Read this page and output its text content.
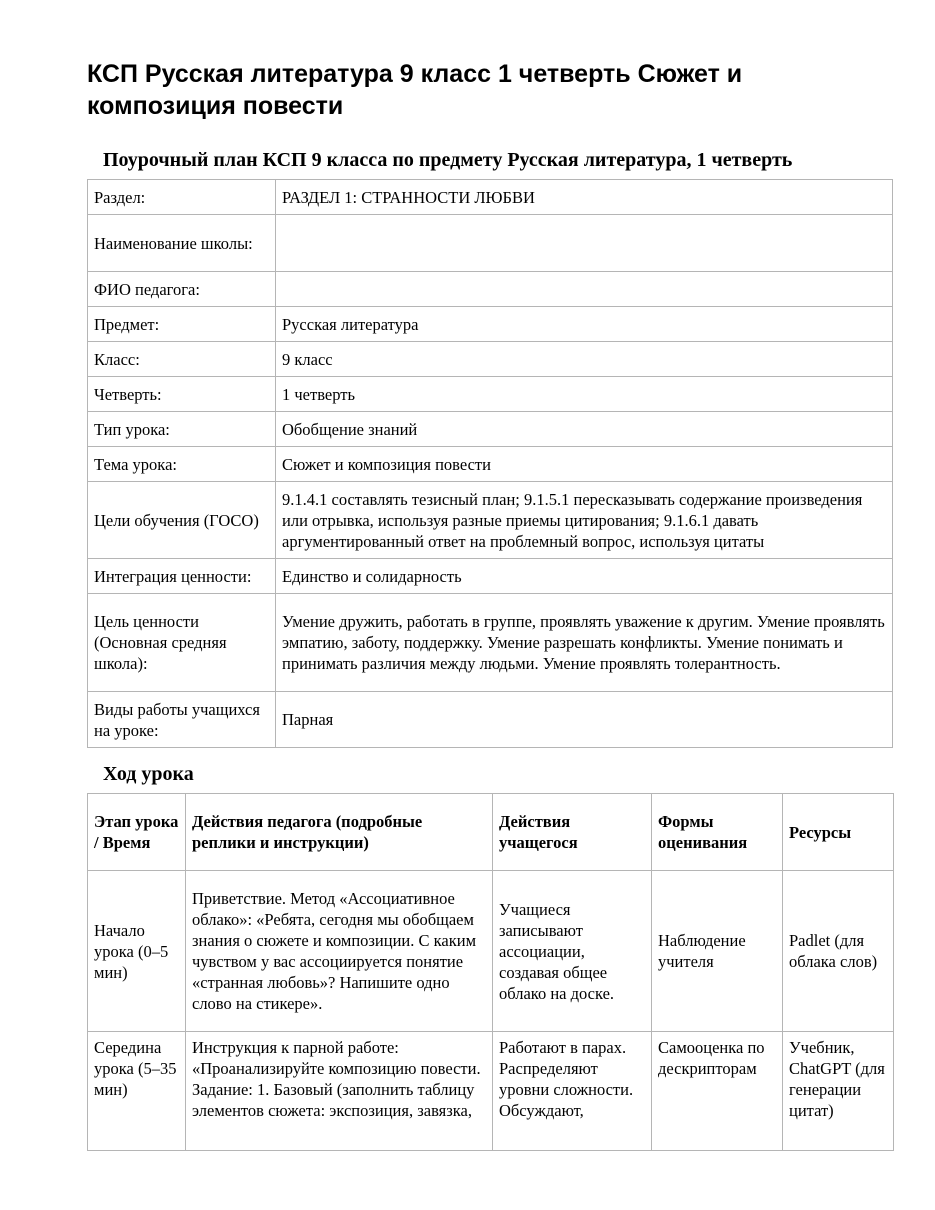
КСП Русская литература 9 класс 1 четверть Сюжет и композиция повести
Поурочный план КСП 9 класса по предмету Русская литература, 1 четверть
Раздел:	РАЗДЕЛ 1: СТРАННОСТИ ЛЮБВИ
Наименование школы:	
ФИО педагога:	
Предмет:	Русская литература
Класс:	9 класс
Четверть:	1 четверть
Тип урока:	Обобщение знаний
Тема урока:	Сюжет и композиция повести
Цели обучения (ГОСО)	9.1.4.1 составлять тезисный план; 9.1.5.1 пересказывать содержание произведения или отрывка, используя разные приемы цитирования; 9.1.6.1 давать аргументированный ответ на проблемный вопрос, используя цитаты
Интеграция ценности:	Единство и солидарность
Цель ценности (Основная средняя школа):	Умение дружить, работать в группе, проявлять уважение к другим. Умение проявлять эмпатию, заботу, поддержку. Умение разрешать конфликты. Умение понимать и принимать различия между людьми. Умение проявлять толерантность.
Виды работы учащихся на уроке:	Парная
Ход урока
Этап урока / Время	Действия педагога (подробные реплики и инструкции)	Действия учащегося	Формы оценивания	Ресурсы
Начало урока (0–5 мин)	Приветствие. Метод «Ассоциативное облако»: «Ребята, сегодня мы обобщаем знания о сюжете и композиции. С каким чувством у вас ассоциируется понятие «странная любовь»? Напишите одно слово на стикере».	Учащиеся записывают ассоциации, создавая общее облако на доске.	Наблюдение учителя	Padlet (для облака слов)
Середина урока (5–35 мин)	Инструкция к парной работе: «Проанализируйте композицию повести. Задание: 1. Базовый (заполнить таблицу элементов сюжета: экспозиция, завязка,	Работают в парах. Распределяют уровни сложности. Обсуждают,	Самооценка по дескрипторам	Учебник, ChatGPT (для генерации цитат)
